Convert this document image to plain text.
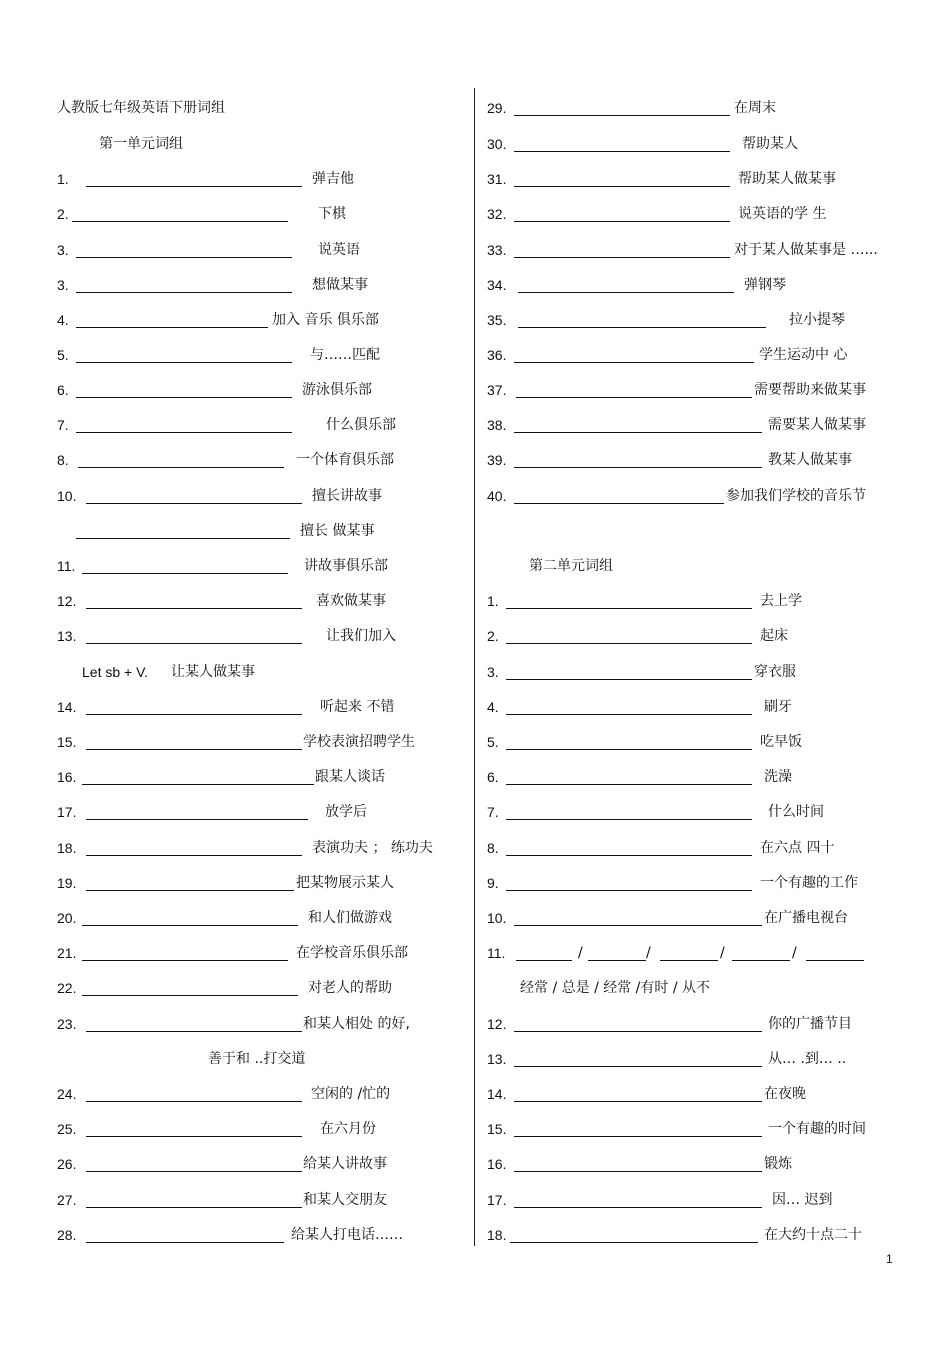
人教版七年级英语下册词组
第一单元词组
1.	弹吉他
2.	下棋
3.	说英语
3.	想做某事
4.	加入 音乐 俱乐部
5.	与……匹配
6.	游泳俱乐部
7.	什么俱乐部
8.	一个体育俱乐部
10.	擅长讲故事
擅长 做某事
11.	讲故事俱乐部
12.	喜欢做某事
13.	让我们加入
Let sb + V. 让某人做某事
14.	听起来 不错
15.	学校表演招聘学生
16.	跟某人谈话
17.	放学后
18.	表演功夫 ； 练功夫
19.	把某物展示某人
20.	和人们做游戏
21.	在学校音乐俱乐部
22.	对老人的帮助
23.	和某人相处 的好,
善于和 ..打交道
24.	空闲的 /忙的
25.	在六月份
26.	给某人讲故事
27.	和某人交朋友
28.	给某人打电话……
29.	在周末
30.	帮助某人
31.	帮助某人做某事
32.	说英语的学 生
33.	对于某人做某事是 …...
34.	弹钢琴
35.	拉小提琴
36.	学生运动中 心
37.	需要帮助来做某事
38.	需要某人做某事
39.	教某人做某事
40.	参加我们学校的音乐节
第二单元词组
1.	去上学
2.	起床
3.	穿衣服
4.	刷牙
5.	吃早饭
6.	洗澡
7.	什么时间
8.	在六点 四十
9.	一个有趣的工作
10.	在广播电视台
11.	/	/	/	/
经常 / 总是 / 经常 /有时 / 从不
12.	你的广播节目
13.	从… .到… ..
14.	在夜晚
15.	一个有趣的时间
16.	锻炼
17.	因… 迟到
18.	在大约十点二十
1
